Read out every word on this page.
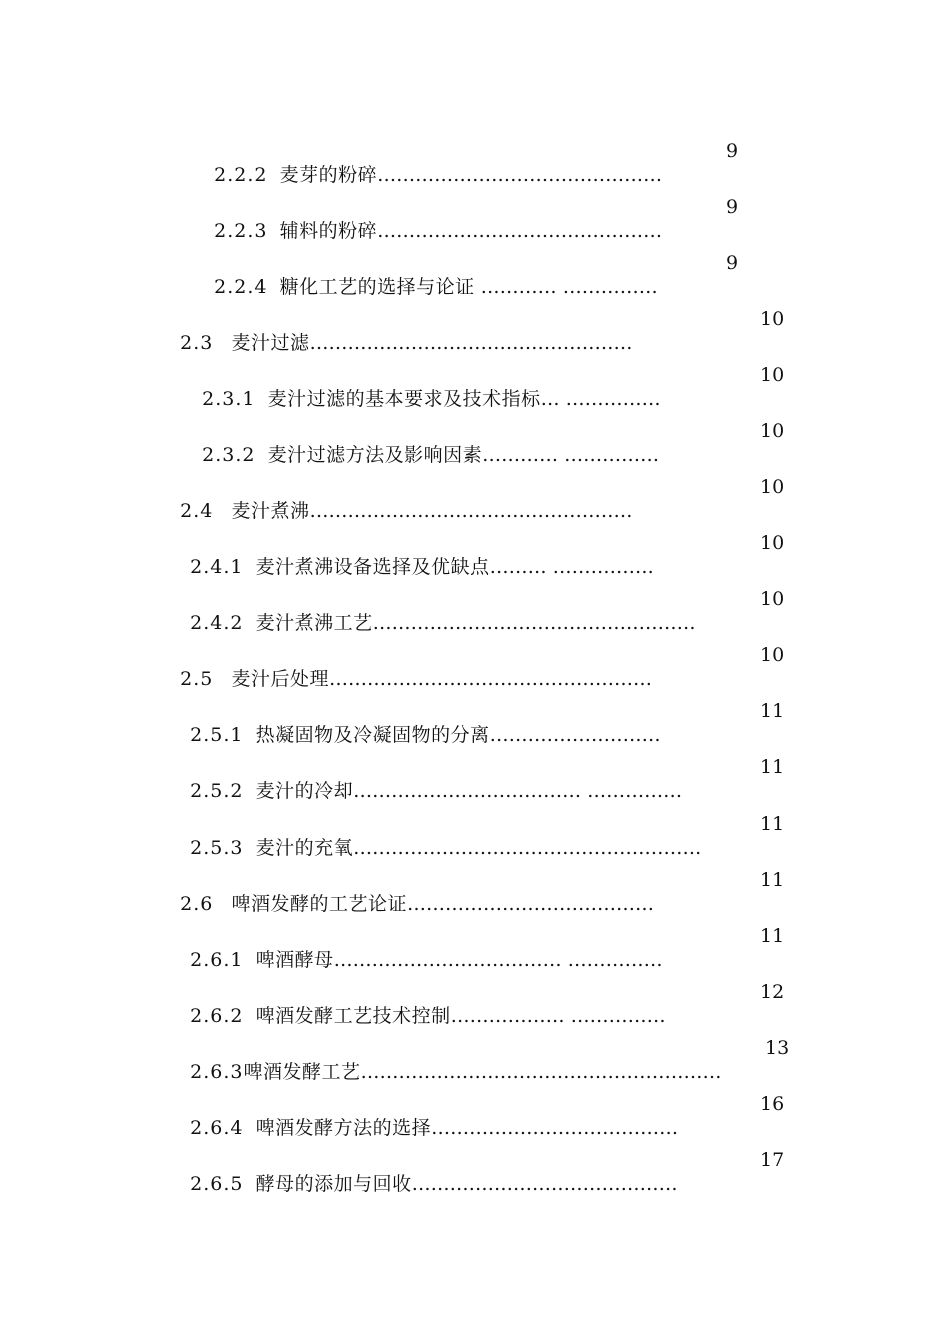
2.2.2 麦芽的粉碎………………………………………

9

2.2.3 辅料的粉碎………………………………………

9

2.2.4 糖化工艺的选择与论证 ………… ……………

9

2.3 麦汁过滤……………………………………………

10

2.3.1 麦汁过滤的基本要求及技术指标… ……………

10

2.3.2 麦汁过滤方法及影响因素………… ……………

10

2.4 麦汁煮沸……………………………………………

10

2.4.1 麦汁煮沸设备选择及优缺点……… …………….

10

2.4.2 麦汁煮沸工艺……………………………………………

10

2.5 麦汁后处理……………………………………………

10

2.5.1 热凝固物及冷凝固物的分离………………………

11

2.5.2 麦汁的冷却……………………………… ……………

11

2.5.3 麦汁的充氧……………………………………………….

11

2.6 啤酒发酵的工艺论证…………………………………

11

2.6.1 啤酒酵母……………………………… ……………

11

2.6.2 啤酒发酵工艺技术控制……………… ……………

12

2.6.3啤酒发酵工艺…………………………………………………

13

2.6.4 啤酒发酵方法的选择…………………………………

16

2.6.5 酵母的添加与回收……………………………………

17
